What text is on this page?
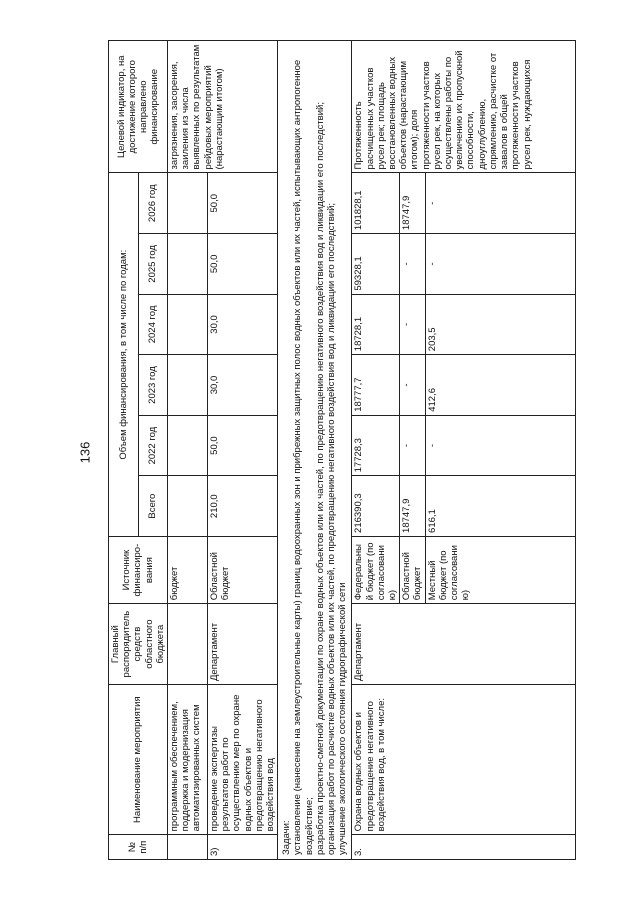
136
№ п/п	Наименование мероприятия	Главный распорядитель средств областного бюджета	Источник финансиро-вания	Объем финансирования, в том числе по годам:						Целевой индикатор, на достижение которого направлено финансирование
				Всего	2022 год	2023 год	2024 год	2025 год	2026 год	
	программным обеспечением, поддержка и модернизация автоматизированных систем		бюджет							загрязнения, засорения, заиления из числа выявленных по результатам рейдовых мероприятий (нарастающим итогом)
3)	проведение экспертизы результатов работ по осуществлению мер по охране водных объектов и предотвращению негативного воздействия вод	Департамент	Областной бюджет	210,0	50,0	30,0	30,0	50,0	50,0	

Задачи: установление (нанесение на землеустроительные карты) границ водоохранных зон и прибрежных защитных полос водных объектов или их частей, испытывающих антропогенное воздействие; разработка проектно-сметной документации по охране водных объектов или их частей, по предотвращению негативного воздействия вод и ликвидации его последствий; организация работ по расчистке водных объектов или их частей, по предотвращению негативного воздействия вод и ликвидации его последствий; улучшение экологического состояния гидрографической сети										

3.	Охрана водных объектов и предотвращение негативного воздействия вод, в том числе:	Департамент	Федеральный бюджет (по согласованию)	216390,3	17728,3	18777,7	18728,1	59328,1	101828,1	Протяженность расчищенных участков русел рек; площадь восстановленных водных объектов (нарастающим итогом); доля протяженности участков русел рек, на которых осуществлены работы по увеличению их пропускной способности, дноуглублению, спрямлению, расчистке от завалов в общей протяженности участков русел рек, нуждающихся
			Областной бюджет	18747,9	-	-	-	-	18747,9	
			Местный бюджет (по согласованию)	616,1	-	412,6	203,5	-	-	
